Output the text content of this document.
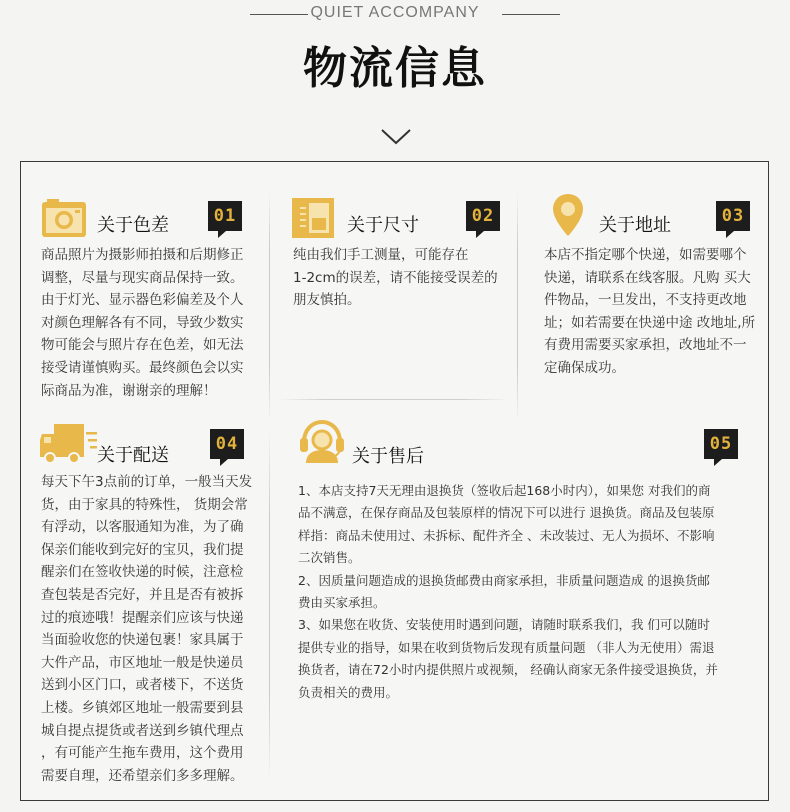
QUIET ACCOMPANY
物流信息
关于色差	01

商品照片为摄影师拍摄和后期修正
调整，尽量与现实商品保持一致。
由于灯光、显示器色彩偏差及个人
对颜色理解各有不同，导致少数实
物可能会与照片存在色差，如无法
接受请谨慎购买。最终颜色会以实
际商品为准，谢谢亲的理解！

关于尺寸	02

纯由我们手工测量，可能存在
1-2cm的误差，请不能接受误差的
朋友慎拍。

关于地址	03

本店不指定哪个快递，如需要哪个
快递，请联系在线客服。凡购 买大
件物品，一旦发出，不支持更改地
址；如若需要在快递中途 改地址,所
有费用需要买家承担，改地址不一
定确保成功。

关于配送
04

每天下午3点前的订单，一般当天发
货，由于家具的特殊性， 货期会常
有浮动，以客服通知为准，为了确
保亲们能收到完好的宝贝，我们提
醒亲们在签收快递的时候，注意检
查包装是否完好，并且是否有被拆
过的痕迹哦！提醒亲们应该与快递
当面验收您的快递包裹！家具属于
大件产品，市区地址一般是快递员
送到小区门口，或者楼下，不送货
上楼。乡镇郊区地址一般需要到县
城自提点提货或者送到乡镇代理点
，有可能产生拖车费用，这个费用
需要自理，还希望亲们多多理解。

关于售后
05
1、本店支持7天无理由退换货（签收后起168小时内），如果您 对我们的商
品不满意，在保存商品及包装原样的情况下可以进行 退换货。商品及包装原
样指：商品未使用过、未拆标、配件齐全 、未改装过、无人为损坏、不影响
二次销售。
2、因质量问题造成的退换货邮费由商家承担，非质量问题造成 的退换货邮
费由买家承担。
3、如果您在收货、安装使用时遇到问题，请随时联系我们，我 们可以随时
提供专业的指导，如果在收到货物后发现有质量问题 （非人为无使用）需退
换货者，请在72小时内提供照片或视频， 经确认商家无条件接受退换货，并
负责相关的费用。
